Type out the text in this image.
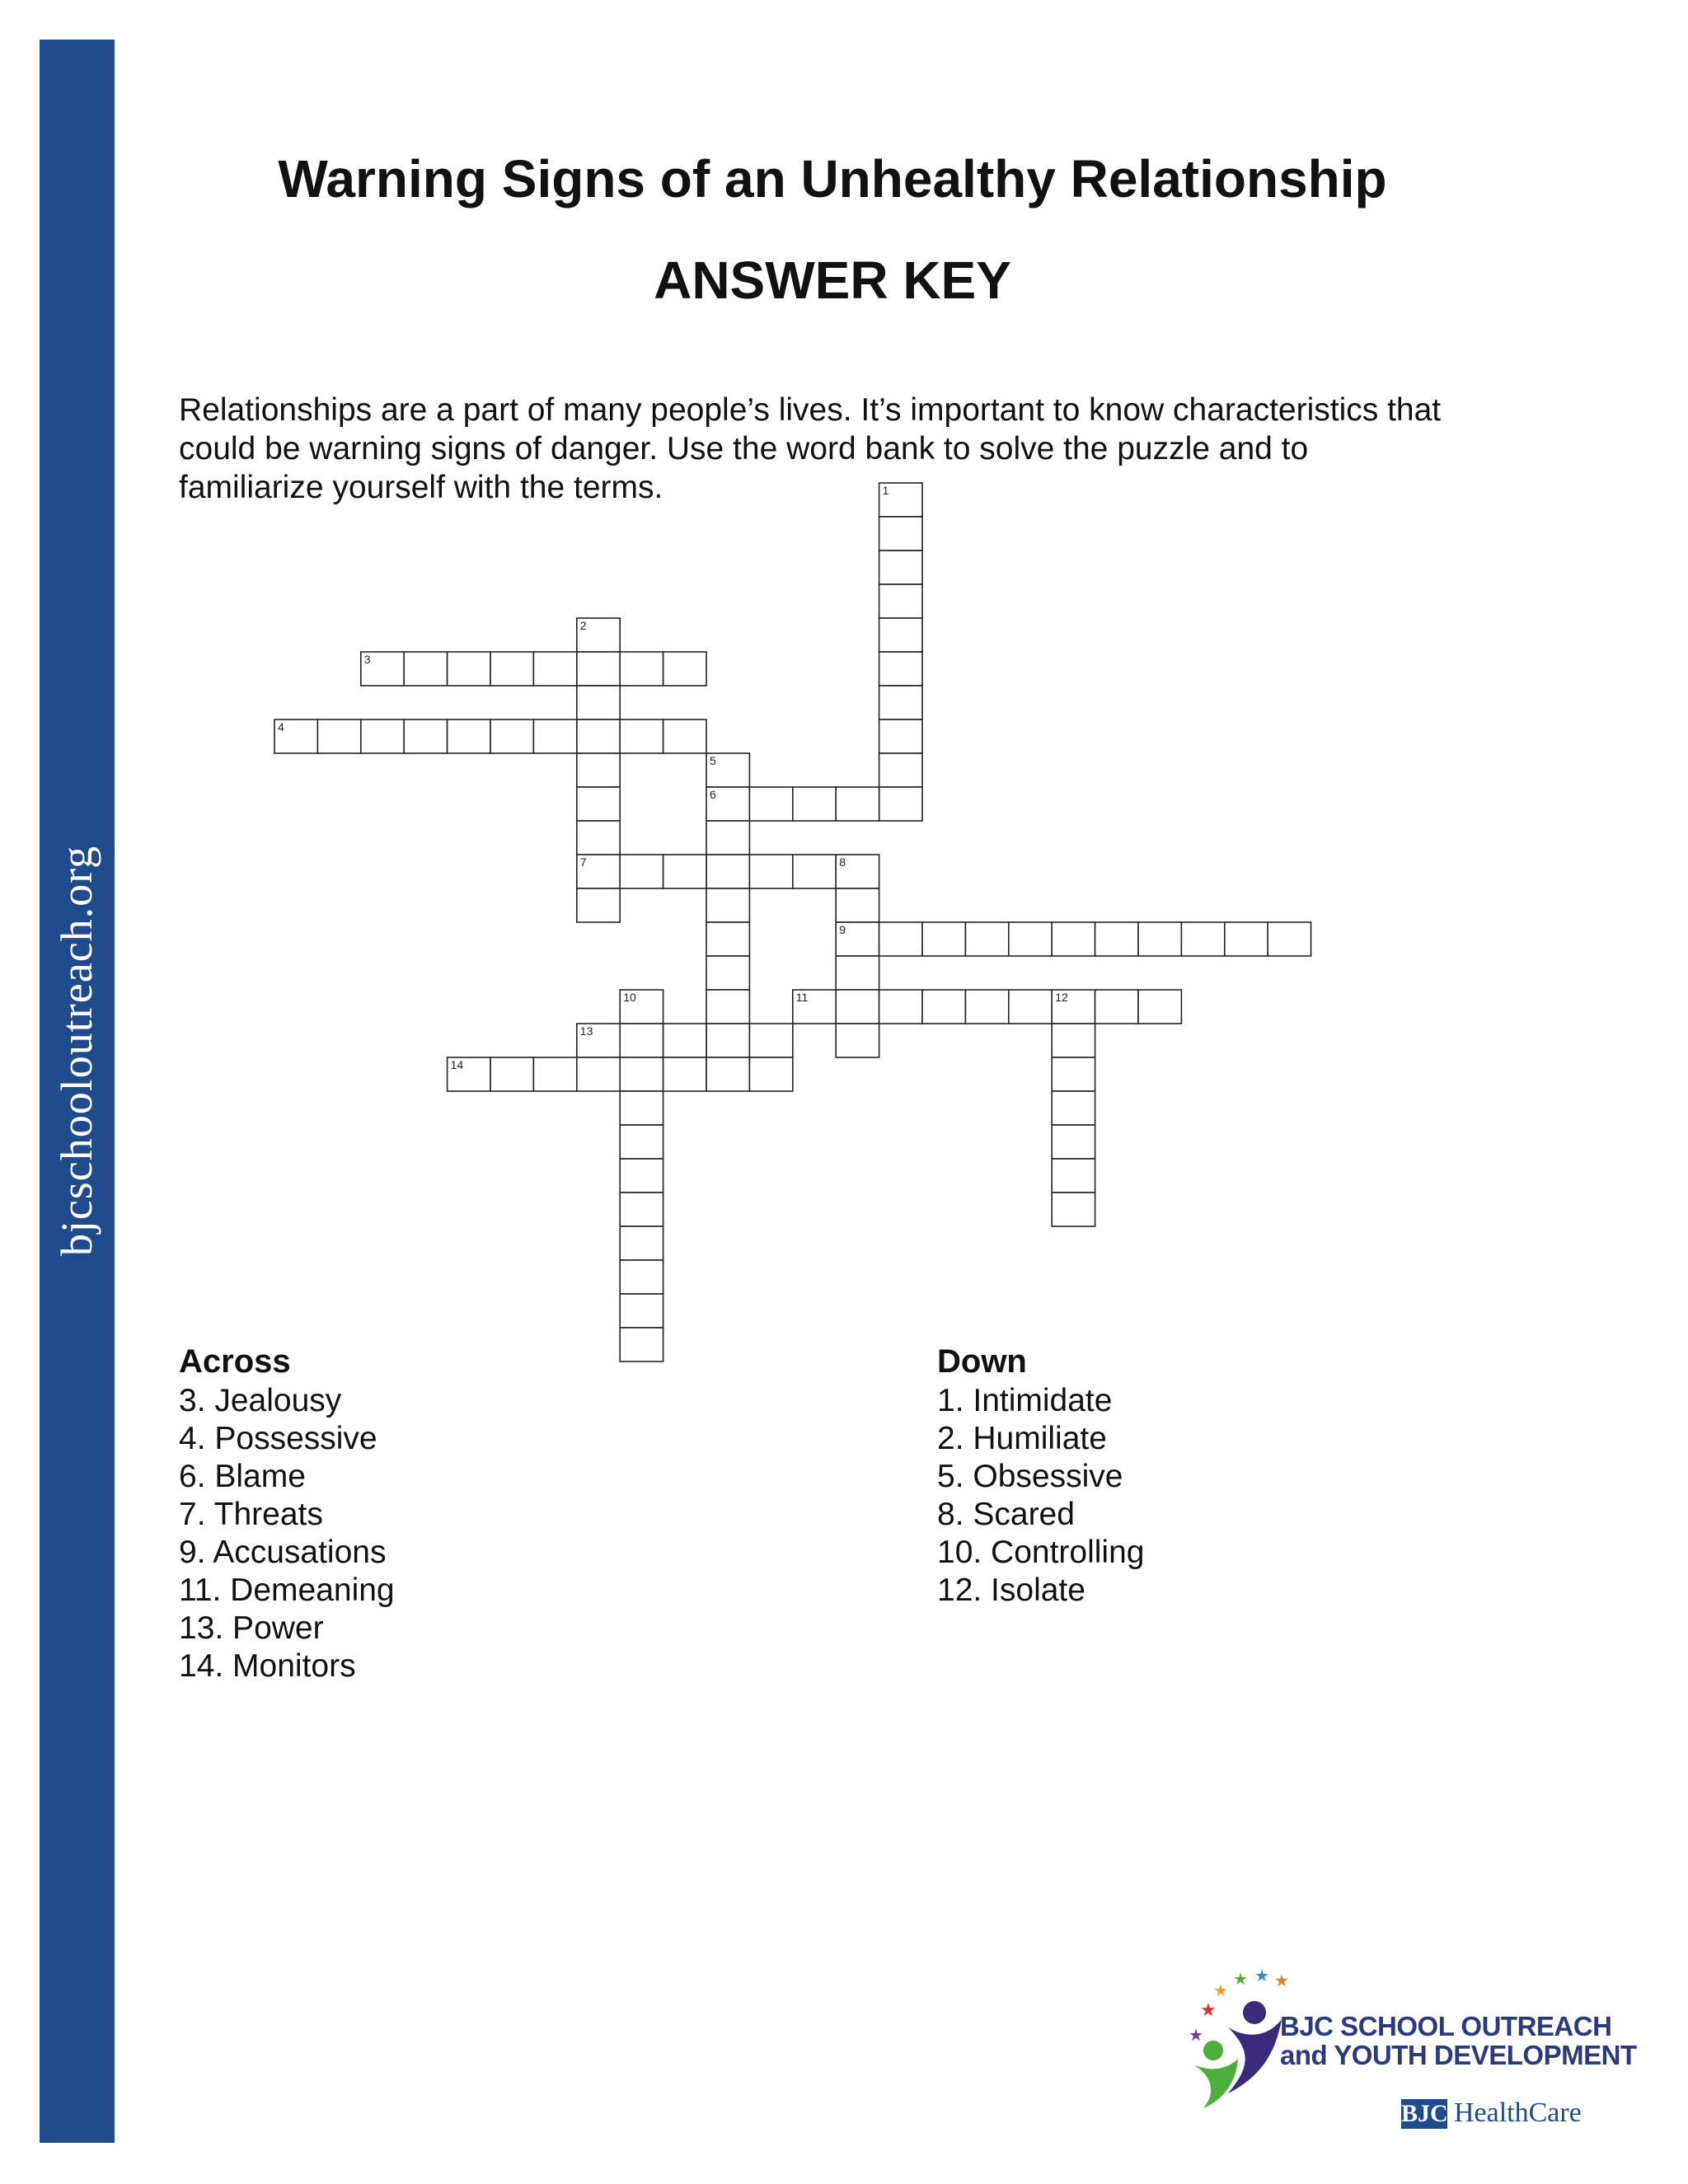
bjcschooloutreach.org
Warning Signs of an Unhealthy Relationship
ANSWER KEY
Relationships are a part of many people’s lives. It’s important to know characteristics that
could be warning signs of danger. Use the word bank to solve the puzzle and to
familiarize yourself with the terms.	1
2
3
4
5
6
7	8
9
10	11	12
13
14
Across
3. Jealousy
4. Possessive
6. Blame
7. Threats
9. Accusations
11. Demeaning
13. Power
14. Monitors
Down
1. Intimidate
2. Humiliate
5. Obsessive
8. Scared
10. Controlling
12. Isolate
★
★
★
★ ★ ★
BJC SCHOOL OUTREACH
and YOUTH DEVELOPMENT
BJC HealthCare
